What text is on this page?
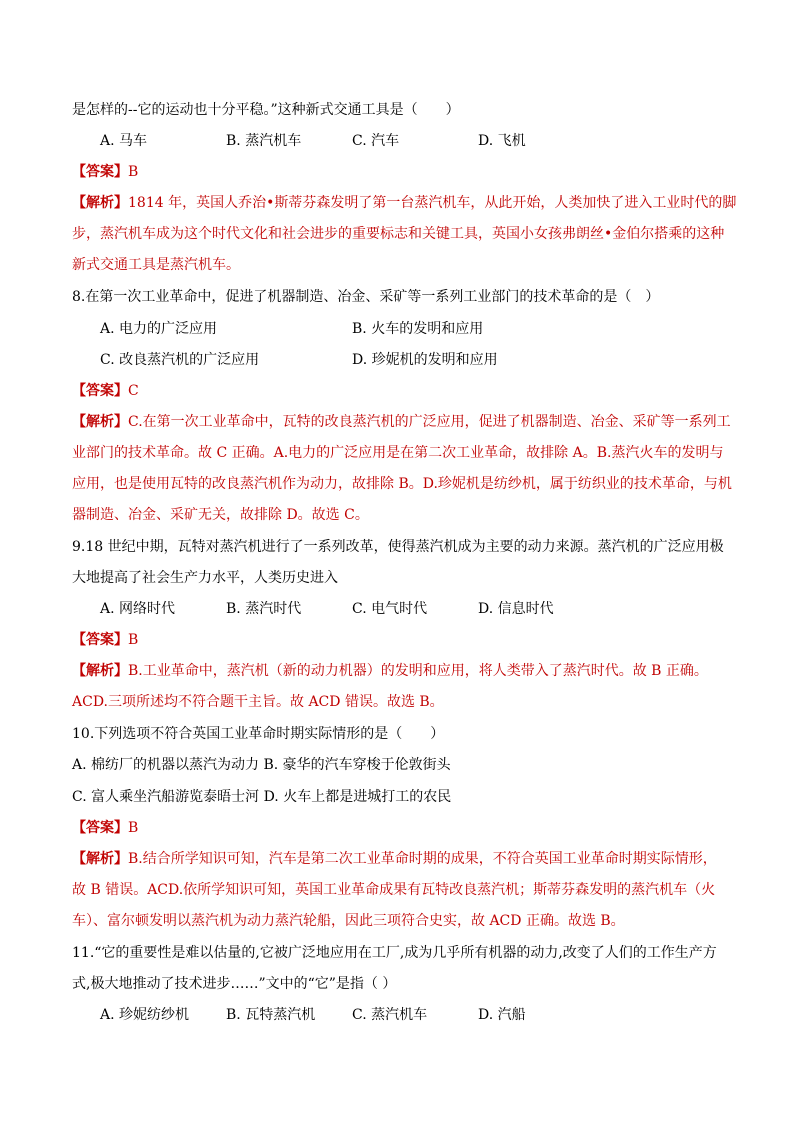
是怎样的--它的运动也十分平稳。”这种新式交通工具是（　　）
A. 马车	B. 蒸汽机车	C. 汽车	D. 飞机
【答案】B
【解析】1814 年，英国人乔治•斯蒂芬森发明了第一台蒸汽机车，从此开始，人类加快了进入工业时代的脚
步，蒸汽机车成为这个时代文化和社会进步的重要标志和关键工具，英国小女孩弗朗丝•金伯尔搭乘的这种
新式交通工具是蒸汽机车。
8.在第一次工业革命中，促进了机器制造、冶金、采矿等一系列工业部门的技术革命的是（　）
A. 电力的广泛应用	B. 火车的发明和应用
C. 改良蒸汽机的广泛应用	D. 珍妮机的发明和应用
【答案】C
【解析】C.在第一次工业革命中，瓦特的改良蒸汽机的广泛应用，促进了机器制造、冶金、采矿等一系列工
业部门的技术革命。故 C 正确。A.电力的广泛应用是在第二次工业革命，故排除 A。B.蒸汽火车的发明与
应用，也是使用瓦特的改良蒸汽机作为动力，故排除 B。D.珍妮机是纺纱机，属于纺织业的技术革命，与机
器制造、冶金、采矿无关，故排除 D。故选 C。
9.18 世纪中期，瓦特对蒸汽机进行了一系列改革，使得蒸汽机成为主要的动力来源。蒸汽机的广泛应用极
大地提高了社会生产力水平，人类历史进入
A. 网络时代	B. 蒸汽时代	C. 电气时代	D. 信息时代
【答案】B
【解析】B.工业革命中，蒸汽机（新的动力机器）的发明和应用，将人类带入了蒸汽时代。故 B 正确。
ACD.三项所述均不符合题干主旨。故 ACD 错误。故选 B。
10.下列选项不符合英国工业革命时期实际情形的是（　　）
A. 棉纺厂的机器以蒸汽为动力 B. 豪华的汽车穿梭于伦敦街头
C. 富人乘坐汽船游览泰晤士河 D. 火车上都是进城打工的农民
【答案】B
【解析】B.结合所学知识可知，汽车是第二次工业革命时期的成果，不符合英国工业革命时期实际情形，
故 B 错误。ACD.依所学知识可知，英国工业革命成果有瓦特改良蒸汽机；斯蒂芬森发明的蒸汽机车（火
车）、富尔顿发明以蒸汽机为动力蒸汽轮船，因此三项符合史实，故 ACD 正确。故选 B。
11.“它的重要性是难以估量的,它被广泛地应用在工厂,成为几乎所有机器的动力,改变了人们的工作生产方
式,极大地推动了技术进步……”文中的“它”是指（ ）
A. 珍妮纺纱机	B. 瓦特蒸汽机	C. 蒸汽机车	D. 汽船
